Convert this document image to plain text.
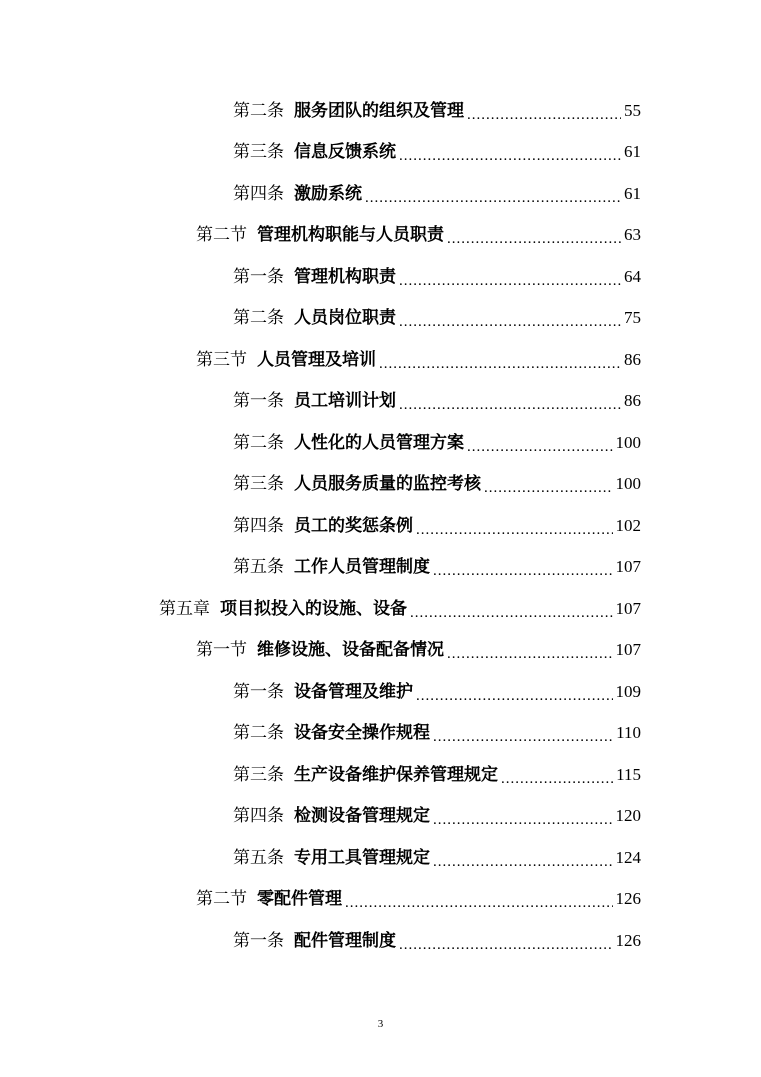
第二条 服务团队的组织及管理 .....	55
第三条 信息反馈系统 .....	61
第四条 激励系统 .....	61
第二节 管理机构职能与人员职责 .....	63
第一条 管理机构职责 .....	64
第二条 人员岗位职责 .....	75
第三节 人员管理及培训 .....	86
第一条 员工培训计划 .....	86
第二条 人性化的人员管理方案 .....	100
第三条 人员服务质量的监控考核 .....	100
第四条 员工的奖惩条例 .....	102
第五条 工作人员管理制度 .....	107
第五章 项目拟投入的设施、设备 .....	107
第一节 维修设施、设备配备情况 .....	107
第一条 设备管理及维护 .....	109
第二条 设备安全操作规程 .....	110
第三条 生产设备维护保养管理规定 .....	115
第四条 检测设备管理规定 .....	120
第五条 专用工具管理规定 .....	124
第二节 零配件管理 .....	126
第一条 配件管理制度 .....	126
3
